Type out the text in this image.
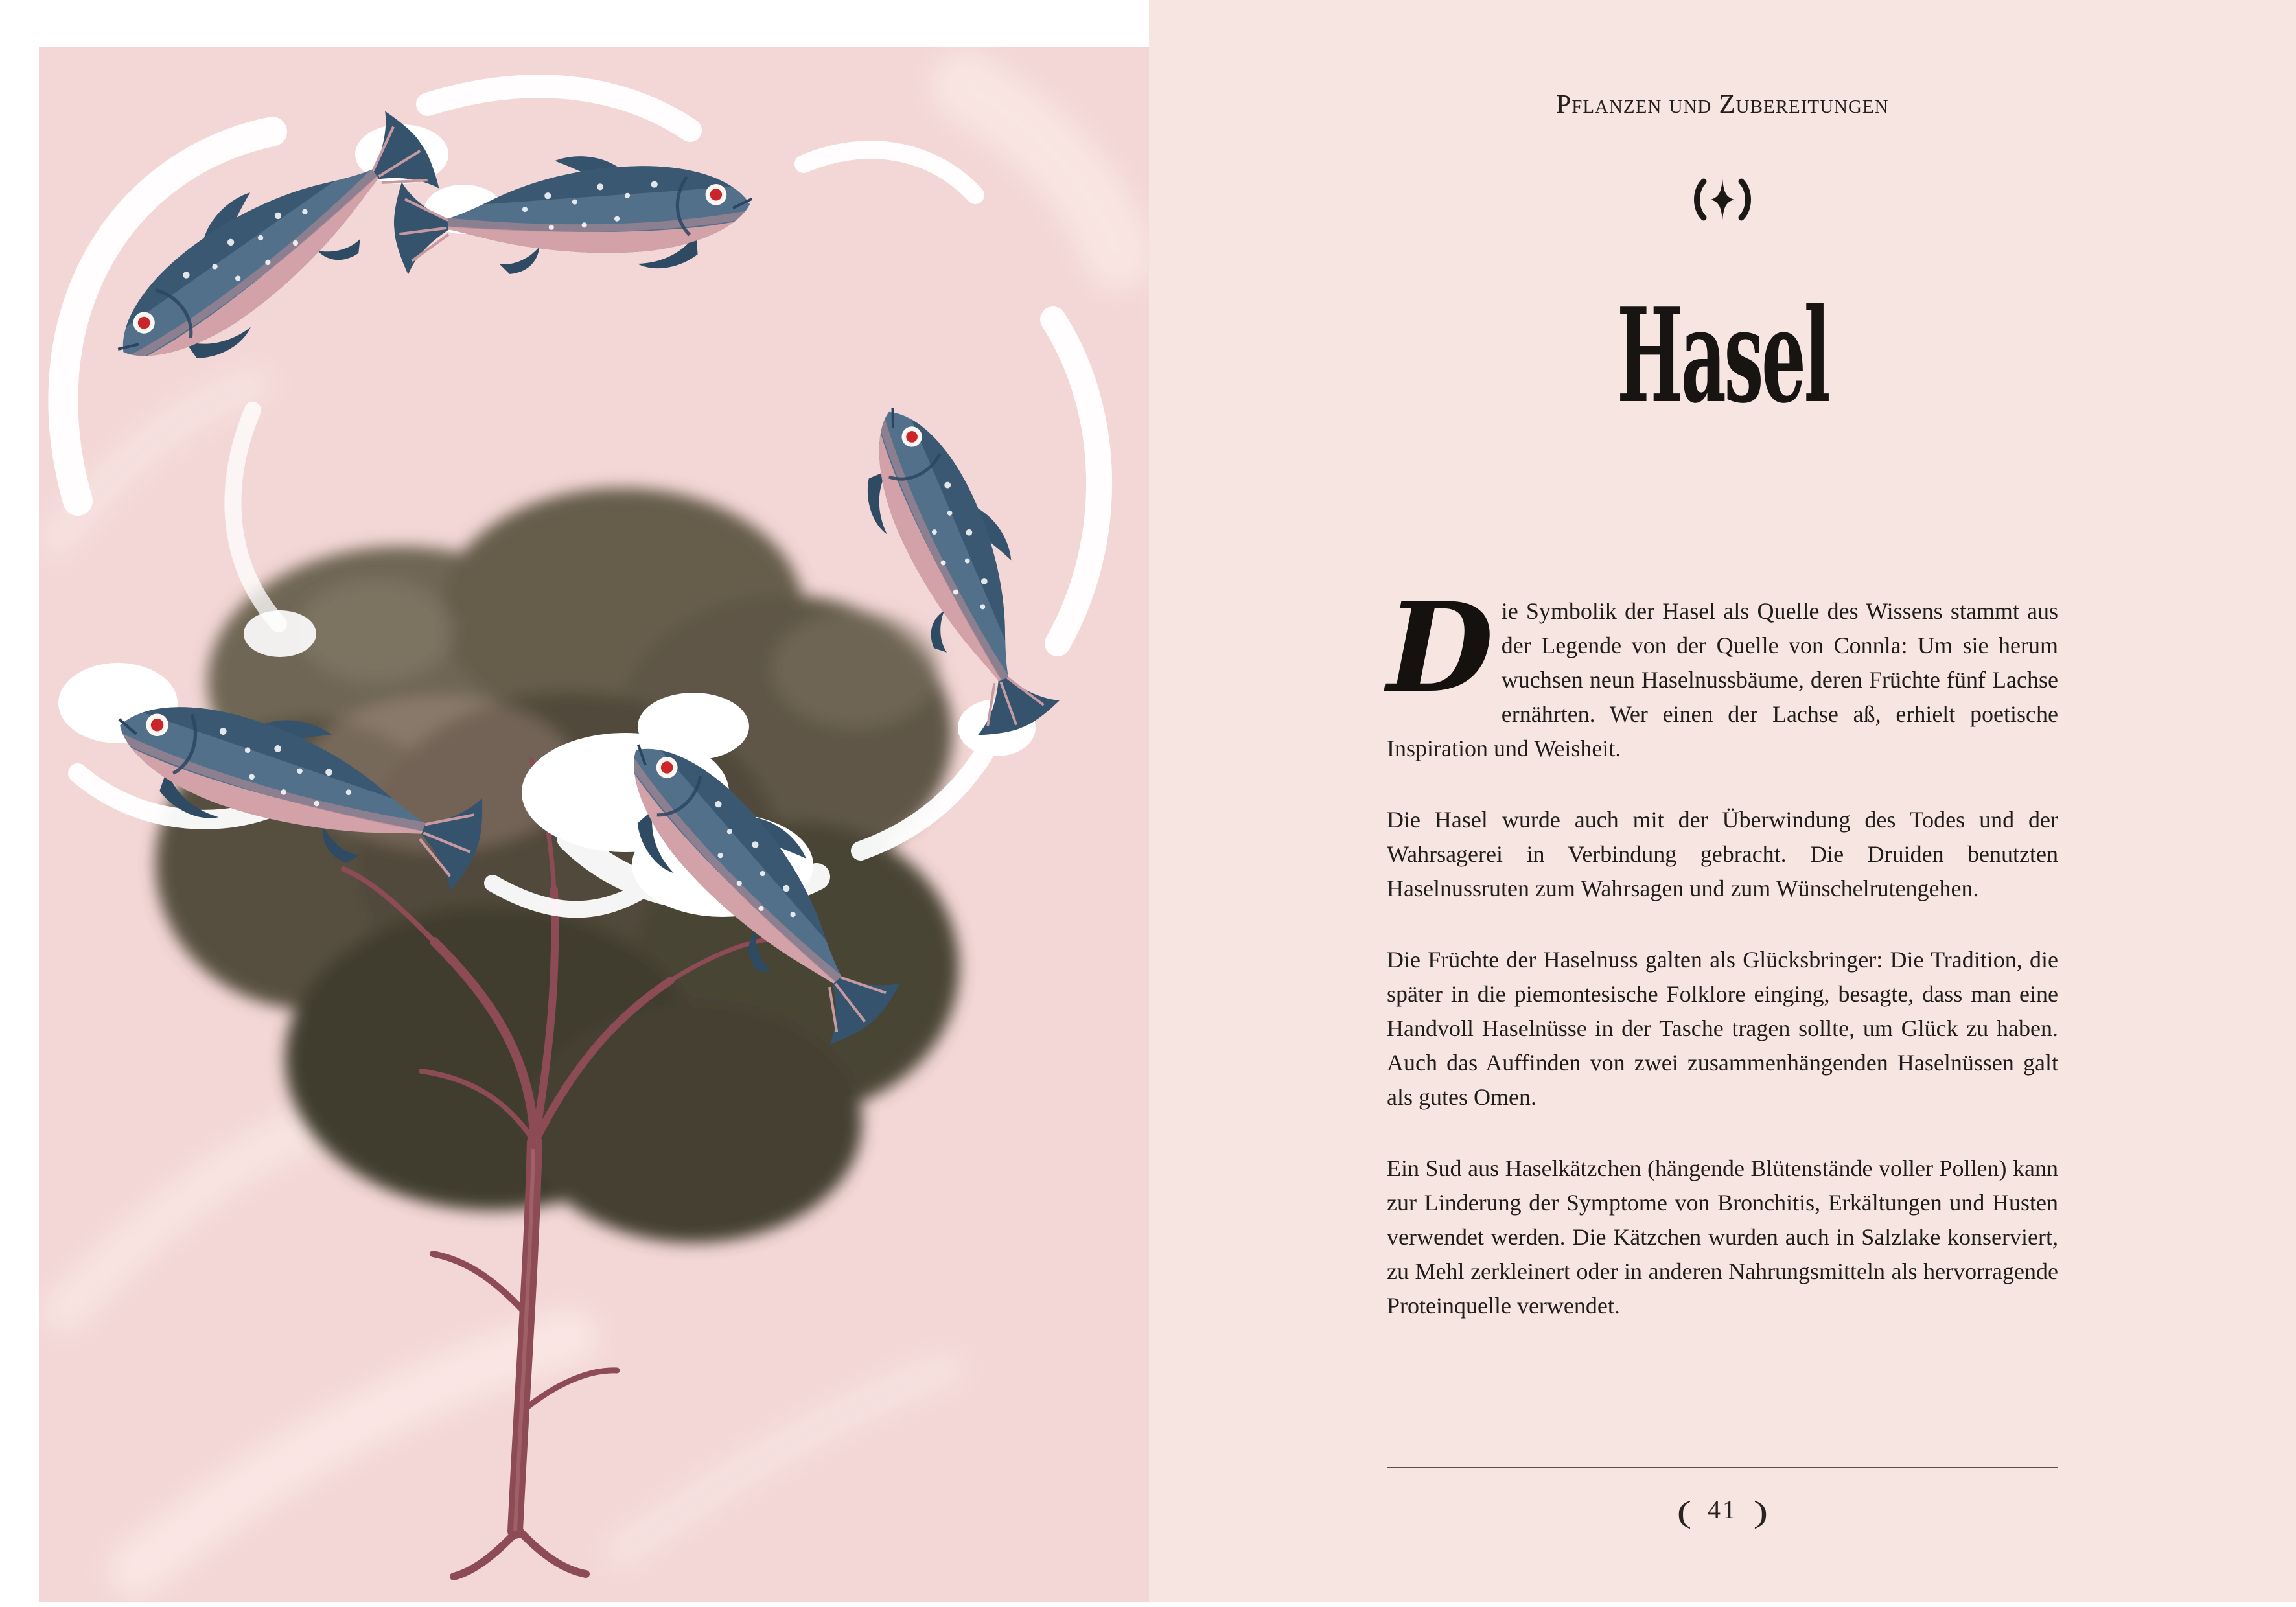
Pflanzen und Zubereitungen
Hasel

Die Symbolik der Hasel als Quelle des Wissens stammt aus der Legende von der Quelle von Connla: Um sie herum wuchsen neun Haselnussbäume, deren Früchte fünf Lachse ernährten. Wer einen der Lachse aß, erhielt poetische Inspiration und Weisheit.

Die Hasel wurde auch mit der Überwindung des Todes und der Wahrsagerei in Verbindung gebracht. Die Druiden benutzten Haselnussruten zum Wahrsagen und zum Wünschelrutengehen.

Die Früchte der Haselnuss galten als Glücksbringer: Die Tradition, die später in die piemontesische Folklore einging, besagte, dass man eine Handvoll Haselnüsse in der Tasche tragen sollte, um Glück zu haben. Auch das Auffinden von zwei zusammenhängenden Haselnüssen galt als gutes Omen.

Ein Sud aus Haselkätzchen (hängende Blütenstände voller Pollen) kann zur Linderung der Symptome von Bronchitis, Erkältungen und Husten verwendet werden. Die Kätzchen wurden auch in Salzlake konserviert, zu Mehl zerkleinert oder in anderen Nahrungsmitteln als hervorragende Proteinquelle verwendet.

( 41 )
